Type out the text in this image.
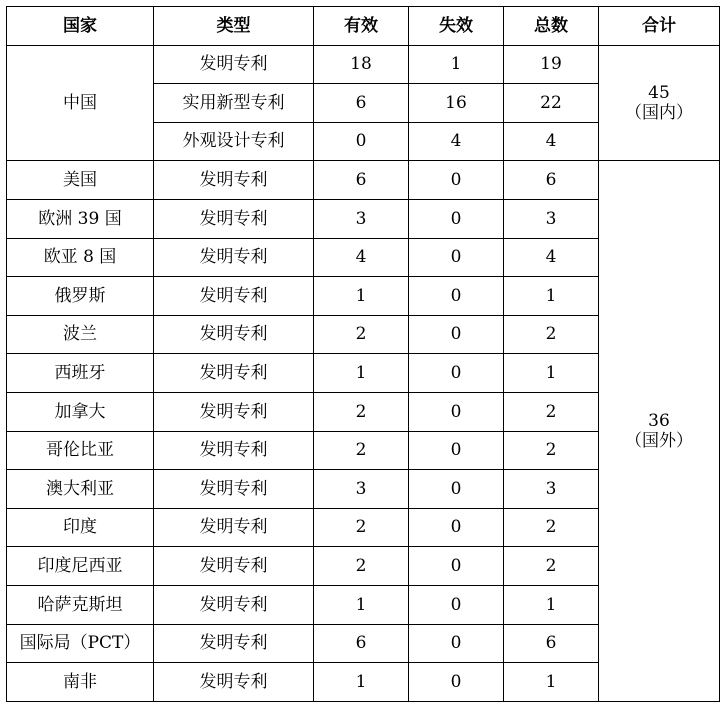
国家	类型	有效	失效	总数	合计
中国	发明专利	18	1	19	45
（国内）

	实用新型专利	6	16	22	
	外观设计专利	0	4	4	
美国	发明专利	6	0	6	36
（国外）

欧洲 39 国	发明专利	3	0	3	
欧亚 8 国	发明专利	4	0	4	
俄罗斯	发明专利	1	0	1	
波兰	发明专利	2	0	2	
西班牙	发明专利	1	0	1	
加拿大	发明专利	2	0	2	
哥伦比亚	发明专利	2	0	2	
澳大利亚	发明专利	3	0	3	
印度	发明专利	2	0	2	
印度尼西亚	发明专利	2	0	2	
哈萨克斯坦	发明专利	1	0	1	
国际局（PCT）	发明专利	6	0	6	
南非	发明专利	1	0	1	
